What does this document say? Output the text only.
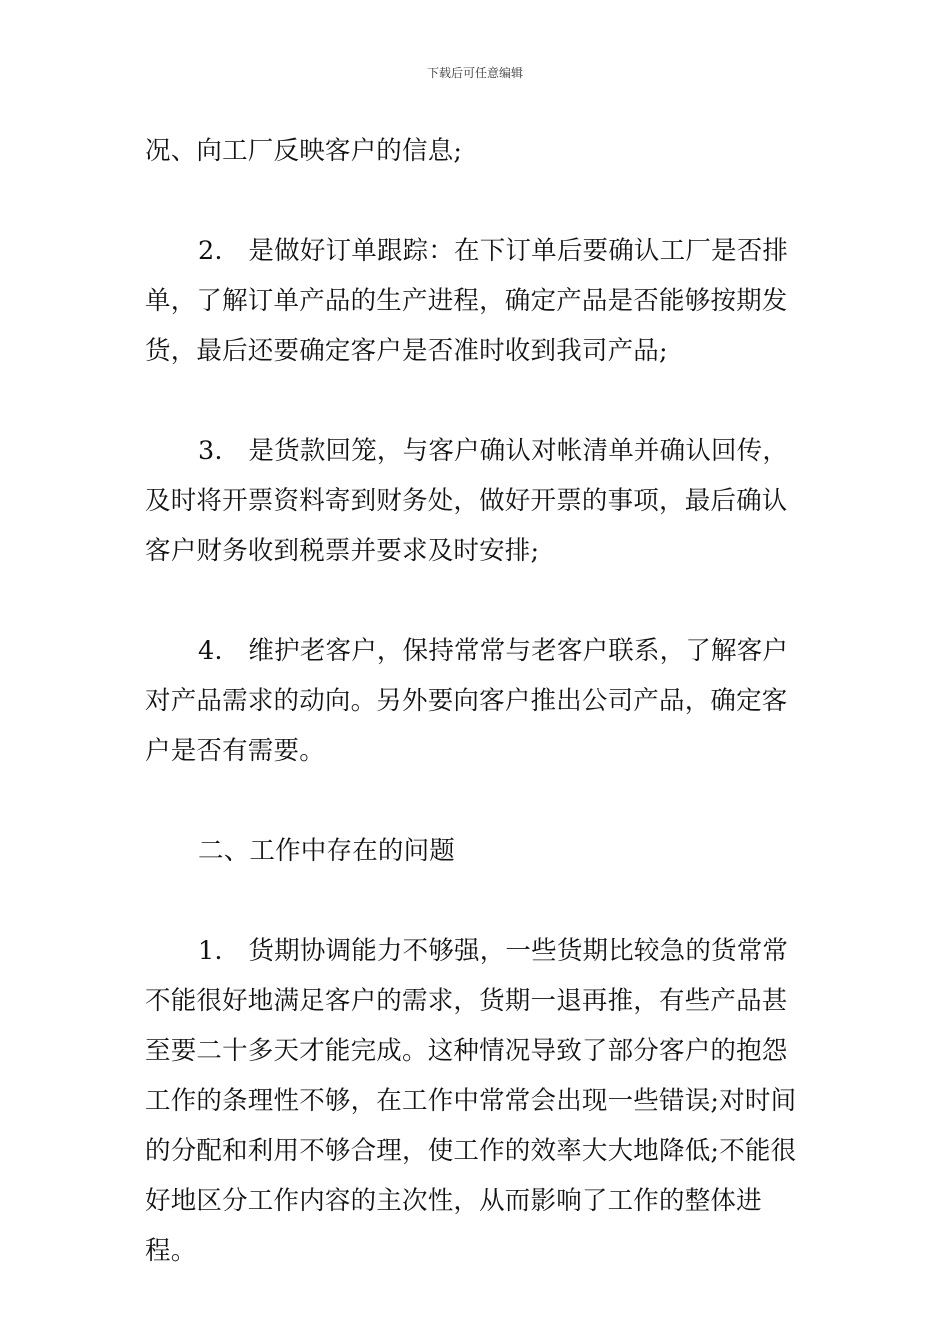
下载后可任意编辑

况、向工厂反映客户的信息;

2.　是做好订单跟踪：在下订单后要确认工厂是否排

单，了解订单产品的生产进程，确定产品是否能够按期发

货，最后还要确定客户是否准时收到我司产品;

3.　是货款回笼，与客户确认对帐清单并确认回传，

及时将开票资料寄到财务处，做好开票的事项，最后确认

客户财务收到税票并要求及时安排;

4.　维护老客户，保持常常与老客户联系，了解客户

对产品需求的动向。另外要向客户推出公司产品，确定客

户是否有需要。

二、工作中存在的问题

1.　货期协调能力不够强，一些货期比较急的货常常

不能很好地满足客户的需求，货期一退再推，有些产品甚

至要二十多天才能完成。这种情况导致了部分客户的抱怨

工作的条理性不够，在工作中常常会出现一些错误;对时间

的分配和利用不够合理，使工作的效率大大地降低;不能很

好地区分工作内容的主次性，从而影响了工作的整体进程。
